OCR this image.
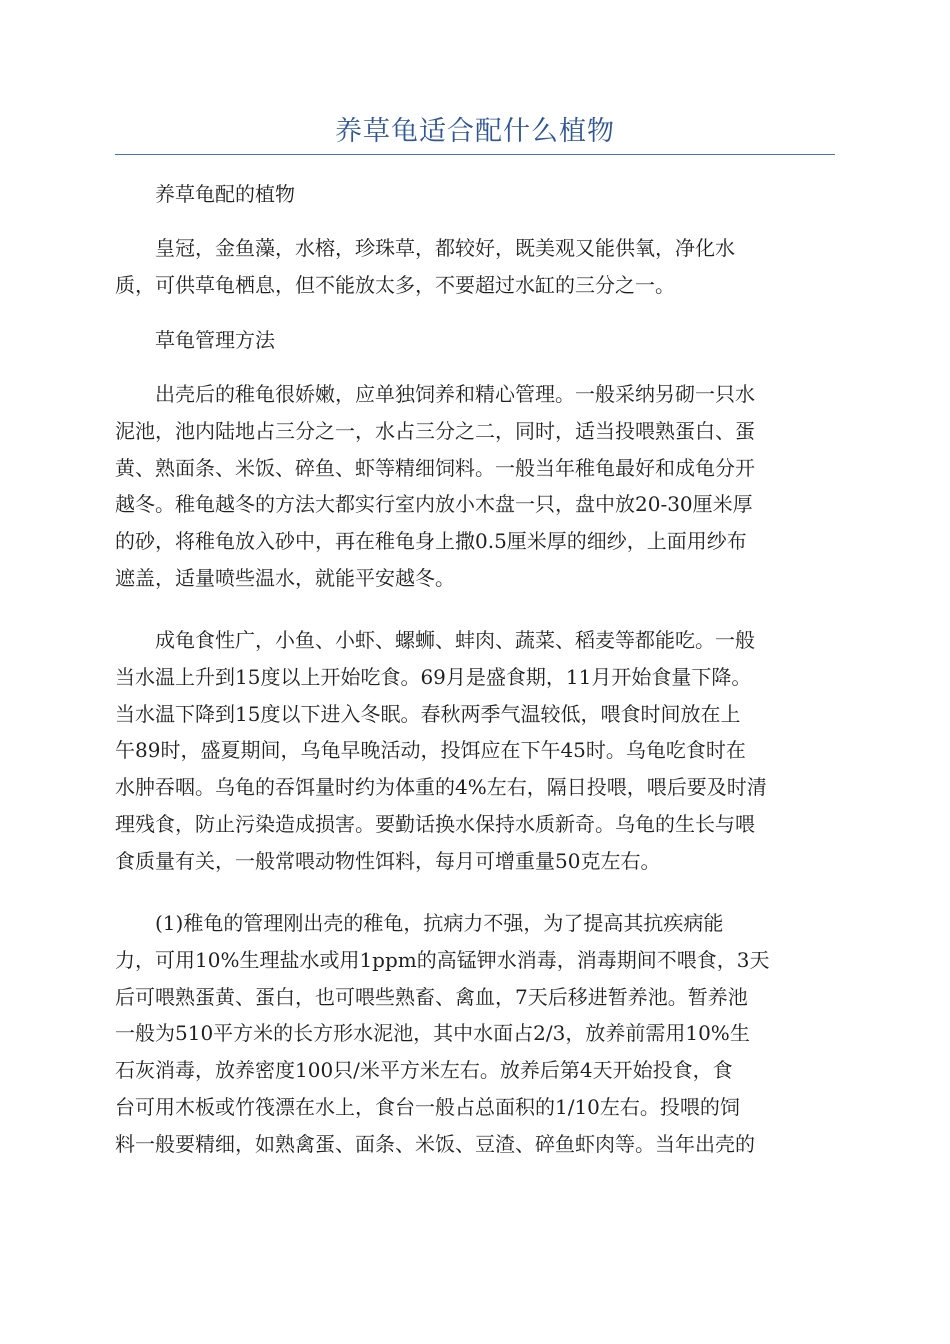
养草龟适合配什么植物

养草龟配的植物

皇冠，金鱼藻，水榕，珍珠草，都较好，既美观又能供氧，净化水
质，可供草龟栖息，但不能放太多，不要超过水缸的三分之一。

草龟管理方法

出壳后的稚龟很娇嫩，应单独饲养和精心管理。一般采纳另砌一只水
泥池，池内陆地占三分之一，水占三分之二，同时，适当投喂熟蛋白、蛋
黄、熟面条、米饭、碎鱼、虾等精细饲料。一般当年稚龟最好和成龟分开
越冬。稚龟越冬的方法大都实行室内放小木盘一只，盘中放20-30厘米厚
的砂，将稚龟放入砂中，再在稚龟身上撒0.5厘米厚的细纱，上面用纱布
遮盖，适量喷些温水，就能平安越冬。

成龟食性广，小鱼、小虾、螺蛳、蚌肉、蔬菜、稻麦等都能吃。一般
当水温上升到15度以上开始吃食。69月是盛食期，11月开始食量下降。
当水温下降到15度以下进入冬眠。春秋两季气温较低，喂食时间放在上
午89时，盛夏期间，乌龟早晚活动，投饵应在下午45时。乌龟吃食时在
水肿吞咽。乌龟的吞饵量时约为体重的4%左右，隔日投喂，喂后要及时清
理残食，防止污染造成损害。要勤话换水保持水质新奇。乌龟的生长与喂
食质量有关，一般常喂动物性饵料，每月可增重量50克左右。

(1)稚龟的管理刚出壳的稚龟，抗病力不强，为了提高其抗疾病能
力，可用10%生理盐水或用1ppm的高锰钾水消毒，消毒期间不喂食，3天
后可喂熟蛋黄、蛋白，也可喂些熟畜、禽血，7天后移进暂养池。暂养池
一般为510平方米的长方形水泥池，其中水面占2/3，放养前需用10%生
石灰消毒，放养密度100只/米平方米左右。放养后第4天开始投食，食
台可用木板或竹筏漂在水上，食台一般占总面积的1/10左右。投喂的饲
料一般要精细，如熟禽蛋、面条、米饭、豆渣、碎鱼虾肉等。当年出壳的
